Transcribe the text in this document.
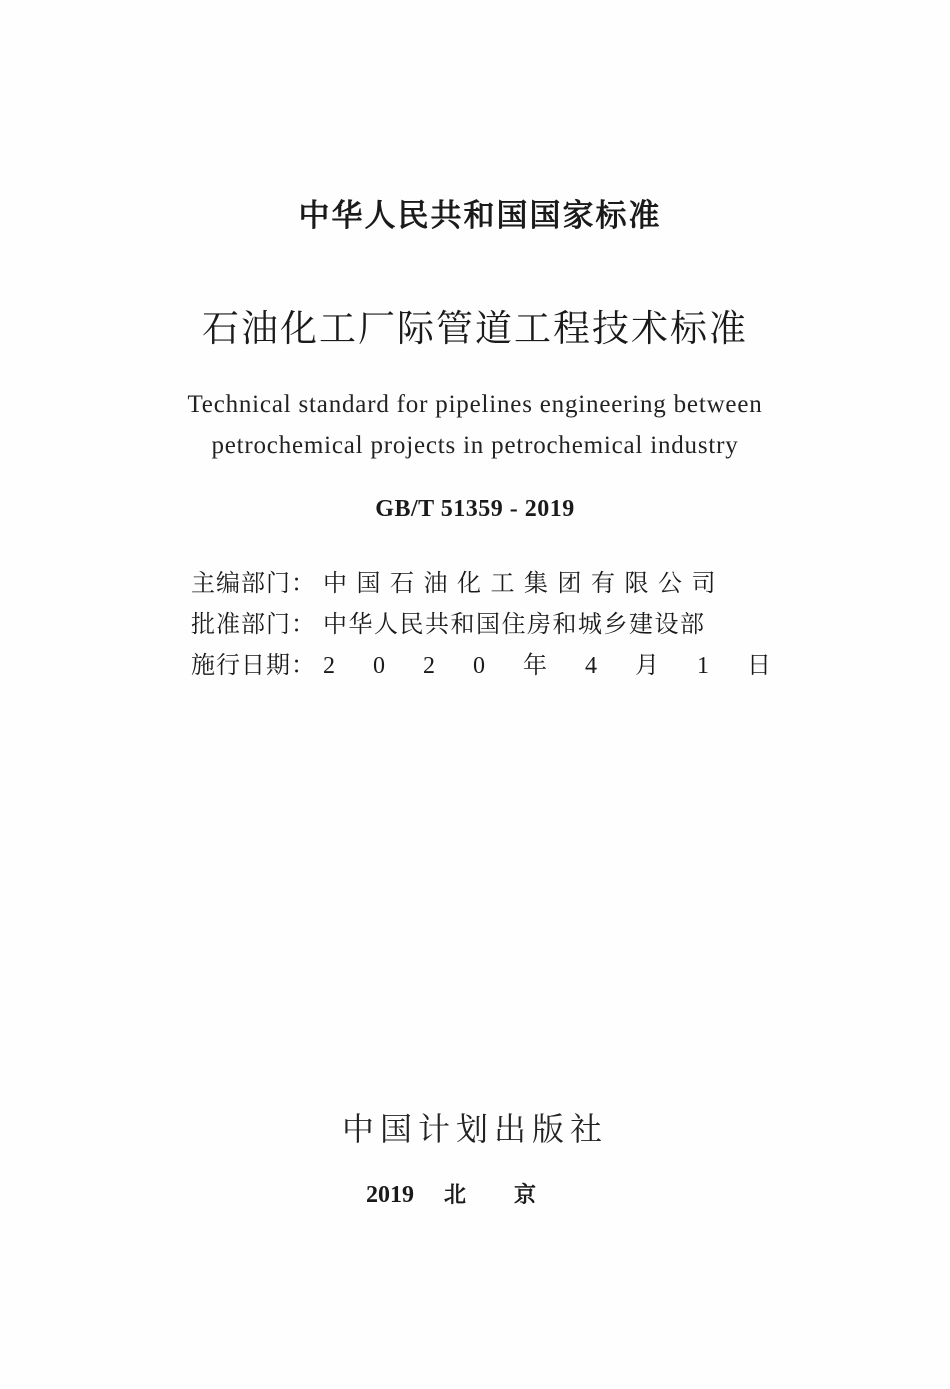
中华人民共和国国家标准
石油化工厂际管道工程技术标准
Technical standard for pipelines engineering between
petrochemical projects in petrochemical industry
GB/T 51359 - 2019
主编部门： 中国石油化工集团有限公司
批准部门： 中华人民共和国住房和城乡建设部
施行日期： 2 0 2 0 年 4 月 1 日
中国计划出版社
2019 北京
